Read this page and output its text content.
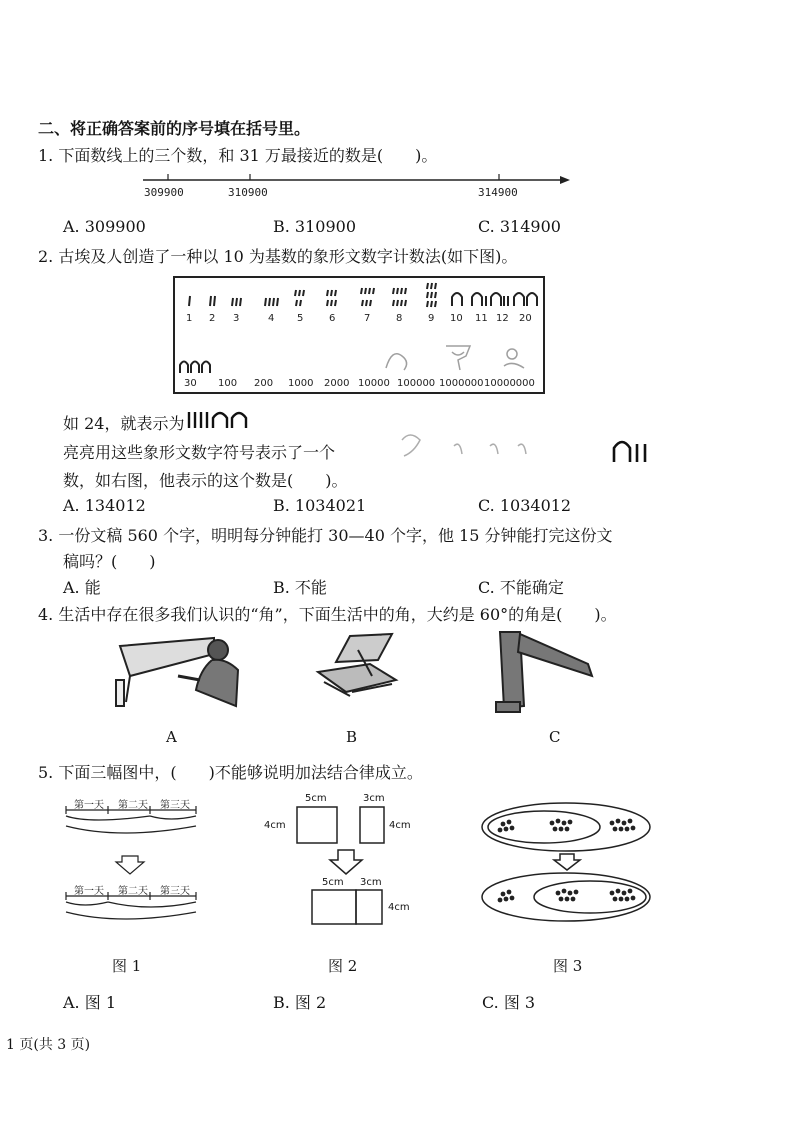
二、将正确答案前的序号填在括号里。
1. 下面数线上的三个数，和 31 万最接近的数是(　　)。
309900	310900	314900
A. 309900	B. 310900	C. 314900
2. 古埃及人创造了一种以 10 为基数的象形文数字计数法(如下图)。
1 2 3	4 5	6	7	8	9 10 11 12 20
30 100 200 1000 2000 10000 100000 1000000 10000000
如 24，就表示为
亮亮用这些象形文数字符号表示了一个
数，如右图，他表示的这个数是(　　)。
A. 134012	B. 1034021	C. 1034012
3. 一份文稿 560 个字，明明每分钟能打 30—40 个字，他 15 分钟能打完这份文
稿吗？(　　)
A. 能	B. 不能	C. 不能确定
4. 生活中存在很多我们认识的“角”，下面生活中的角，大约是 60°的角是(　　)。
A	B	C
5. 下面三幅图中，(　　)不能够说明加法结合律成立。
第一天 第二天 第三天
第一天 第二天 第三天
5cm	3cm
4cm	4cm
5cm 3cm
4cm
图 1	图 2	图 3
A. 图 1	B. 图 2	C. 图 3
1 页(共 3 页)
